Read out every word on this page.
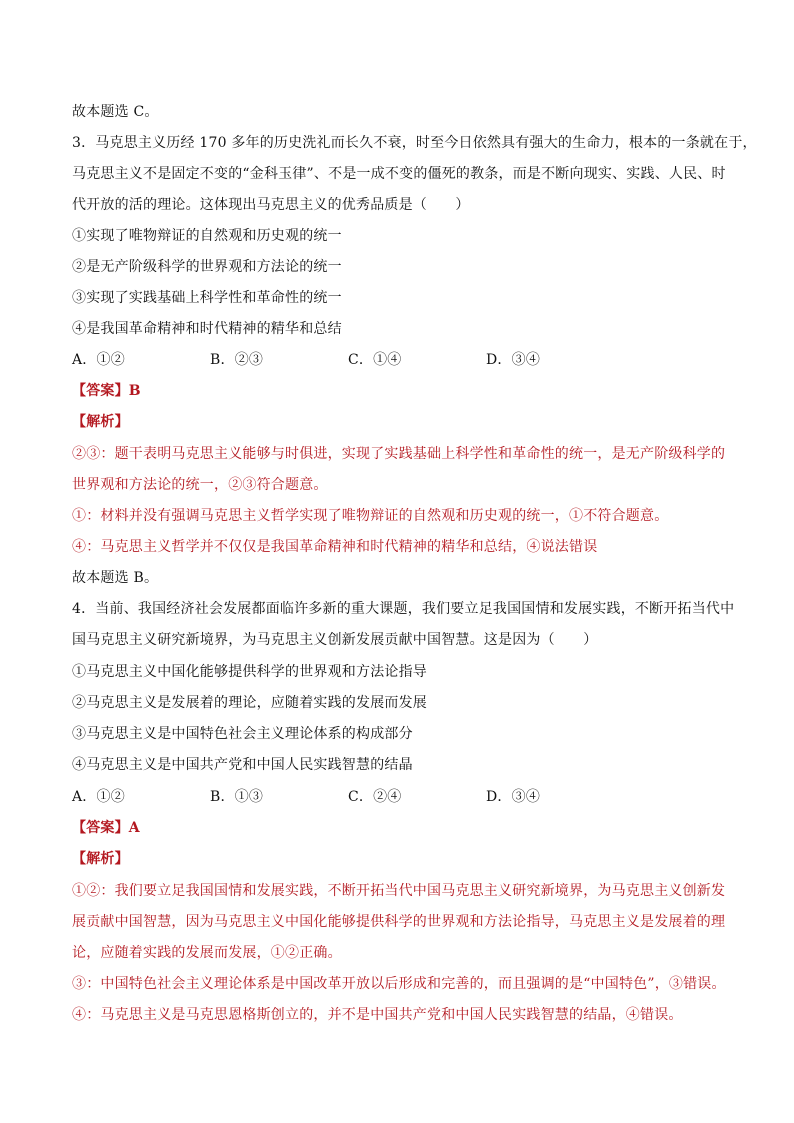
故本题选 C。
3．马克思主义历经 170 多年的历史洗礼而长久不衰，时至今日依然具有强大的生命力，根本的一条就在于，
马克思主义不是固定不变的“金科玉律”、不是一成不变的僵死的教条，而是不断向现实、实践、人民、时
代开放的活的理论。这体现出马克思主义的优秀品质是（　　）
①实现了唯物辩证的自然观和历史观的统一
②是无产阶级科学的世界观和方法论的统一
③实现了实践基础上科学性和革命性的统一
④是我国革命精神和时代精神的精华和总结
A．①②	B．②③	C．①④	D．③④
【答案】B
【解析】
②③：题干表明马克思主义能够与时俱进，实现了实践基础上科学性和革命性的统一，是无产阶级科学的
世界观和方法论的统一，②③符合题意。
①：材料并没有强调马克思主义哲学实现了唯物辩证的自然观和历史观的统一，①不符合题意。
④：马克思主义哲学并不仅仅是我国革命精神和时代精神的精华和总结，④说法错误
故本题选 B。
4．当前、我国经济社会发展都面临许多新的重大课题，我们要立足我国国情和发展实践，不断开拓当代中
国马克思主义研究新境界，为马克思主义创新发展贡献中国智慧。这是因为（　　）
①马克思主义中国化能够提供科学的世界观和方法论指导
②马克思主义是发展着的理论，应随着实践的发展而发展
③马克思主义是中国特色社会主义理论体系的构成部分
④马克思主义是中国共产党和中国人民实践智慧的结晶
A．①②	B．①③	C．②④	D．③④
【答案】A
【解析】
①②：我们要立足我国国情和发展实践，不断开拓当代中国马克思主义研究新境界，为马克思主义创新发
展贡献中国智慧，因为马克思主义中国化能够提供科学的世界观和方法论指导，马克思主义是发展着的理
论，应随着实践的发展而发展，①②正确。
③：中国特色社会主义理论体系是中国改革开放以后形成和完善的，而且强调的是“中国特色”，③错误。
④：马克思主义是马克思恩格斯创立的，并不是中国共产党和中国人民实践智慧的结晶，④错误。
